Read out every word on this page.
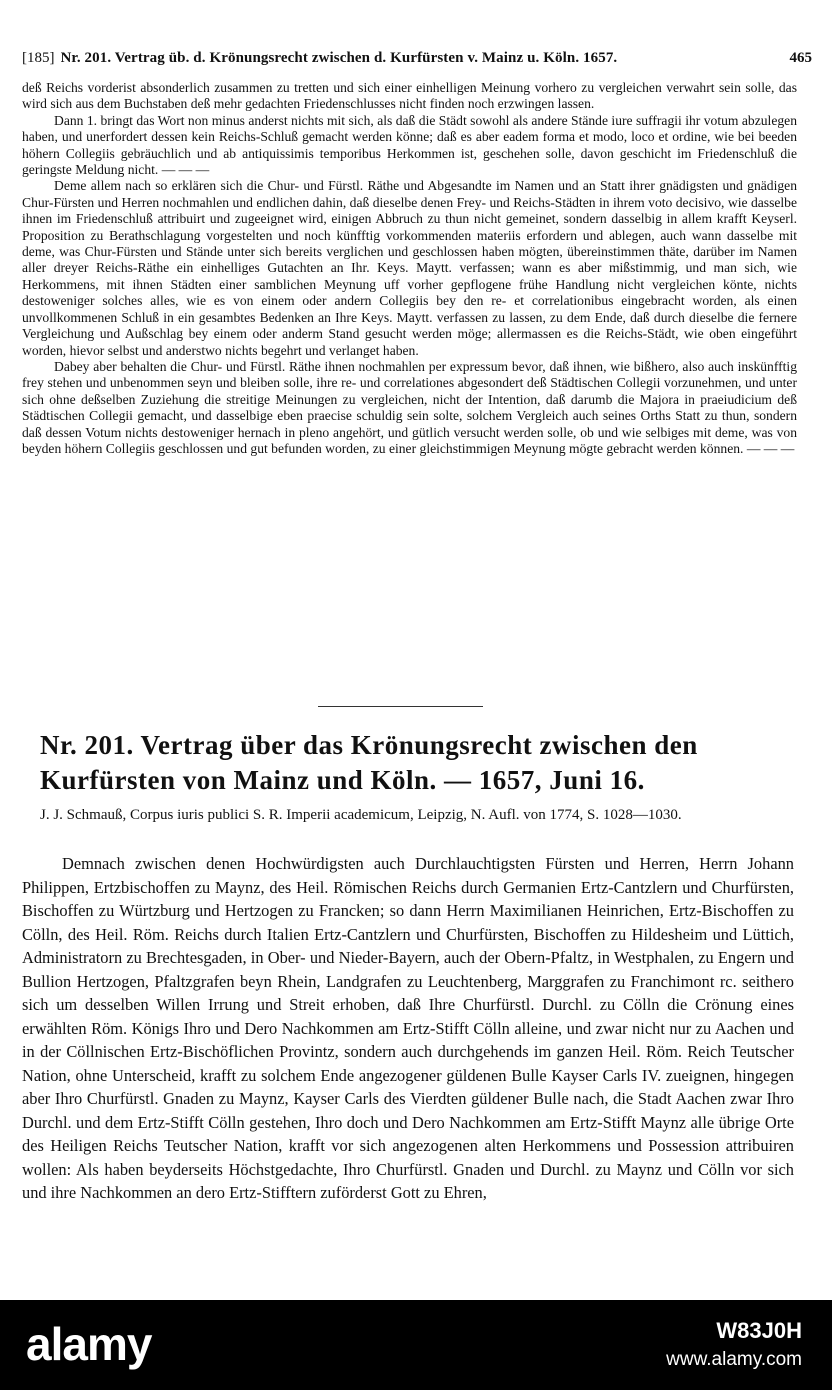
[185] Nr. 201. Vertrag üb. d. Krönungsrecht zwischen d. Kurfürsten v. Mainz u. Köln. 1657.	465

deß Reichs vorderist absonderlich zusammen zu tretten und sich einer einhelligen Meinung vorhero zu vergleichen verwahrt sein solle, das wird sich aus dem Buchstaben deß mehr gedachten Friedenschlusses nicht finden noch erzwingen lassen.

Dann 1. bringt das Wort non minus anderst nichts mit sich, als daß die Städt sowohl als andere Stände iure suffragii ihr votum abzulegen haben, und unerfordert dessen kein Reichs-Schluß gemacht werden könne; daß es aber eadem forma et modo, loco et ordine, wie bei beeden höhern Collegiis gebräuchlich und ab antiquissimis temporibus Herkommen ist, geschehen solle, davon geschicht im Friedenschluß die geringste Meldung nicht. — — —

Deme allem nach so erklären sich die Chur- und Fürstl. Räthe und Abgesandte im Namen und an Statt ihrer gnädigsten und gnädigen Chur-Fürsten und Herren nochmahlen und endlichen dahin, daß dieselbe denen Frey- und Reichs-Städten in ihrem voto decisivo, wie dasselbe ihnen im Friedenschluß attribuirt und zugeeignet wird, einigen Abbruch zu thun nicht gemeinet, sondern dasselbig in allem krafft Keyserl. Proposition zu Berathschlagung vorgestelten und noch künfftig vorkommenden materiis erfordern und ablegen, auch wann dasselbe mit deme, was Chur-Fürsten und Stände unter sich bereits verglichen und geschlossen haben mögten, übereinstimmen thäte, darüber im Namen aller dreyer Reichs-Räthe ein einhelliges Gutachten an Ihr. Keys. Maytt. verfassen; wann es aber mißstimmig, und man sich, wie Herkommens, mit ihnen Städten einer samblichen Meynung uff vorher gepflogene frühe Handlung nicht vergleichen könte, nichts destoweniger solches alles, wie es von einem oder andern Collegiis bey den re- et correlationibus eingebracht worden, als einen unvollkommenen Schluß in ein gesambtes Bedenken an Ihre Keys. Maytt. verfassen zu lassen, zu dem Ende, daß durch dieselbe die fernere Vergleichung und Außschlag bey einem oder anderm Stand gesucht werden möge; allermassen es die Reichs-Städt, wie oben eingeführt worden, hievor selbst und anderstwo nichts begehrt und verlanget haben.

Dabey aber behalten die Chur- und Fürstl. Räthe ihnen nochmahlen per expressum bevor, daß ihnen, wie bißhero, also auch inskünfftig frey stehen und unbenommen seyn und bleiben solle, ihre re- und correlationes abgesondert deß Städtischen Collegii vorzunehmen, und unter sich ohne deßselben Zuziehung die streitige Meinungen zu vergleichen, nicht der Intention, daß darumb die Majora in praeiudicium deß Städtischen Collegii gemacht, und dasselbige eben praecise schuldig sein solte, solchem Vergleich auch seines Orths Statt zu thun, sondern daß dessen Votum nichts destoweniger hernach in pleno angehört, und gütlich versucht werden solle, ob und wie selbiges mit deme, was von beyden höhern Collegiis geschlossen und gut befunden worden, zu einer gleichstimmigen Meynung mögte gebracht werden können. — — —

Nr. 201. Vertrag über das Krönungsrecht zwischen den Kurfürsten von Mainz und Köln. — 1657, Juni 16.
J. J. Schmauß, Corpus iuris publici S. R. Imperii academicum, Leipzig, N. Aufl. von 1774, S. 1028—1030.

Demnach zwischen denen Hochwürdigsten auch Durchlauchtigsten Fürsten und Herren, Herrn Johann Philippen, Ertzbischoffen zu Maynz, des Heil. Römischen Reichs durch Germanien Ertz-Cantzlern und Churfürsten, Bischoffen zu Würtzburg und Hertzogen zu Francken; so dann Herrn Maximilianen Heinrichen, Ertz-Bischoffen zu Cölln, des Heil. Röm. Reichs durch Italien Ertz-Cantzlern und Churfürsten, Bischoffen zu Hildesheim und Lüttich, Administratorn zu Brechtesgaden, in Ober- und Nieder-Bayern, auch der Obern-Pfaltz, in Westphalen, zu Engern und Bullion Hertzogen, Pfaltzgrafen beyn Rhein, Landgrafen zu Leuchtenberg, Marggrafen zu Franchimont rc. seithero sich um desselben Willen Irrung und Streit erhoben, daß Ihre Churfürstl. Durchl. zu Cölln die Crönung eines erwählten Röm. Königs Ihro und Dero Nachkommen am Ertz-Stifft Cölln alleine, und zwar nicht nur zu Aachen und in der Cöllnischen Ertz-Bischöflichen Provintz, sondern auch durchgehends im ganzen Heil. Röm. Reich Teutscher Nation, ohne Unterscheid, krafft zu solchem Ende angezogener güldenen Bulle Kayser Carls IV. zueignen, hingegen aber Ihro Churfürstl. Gnaden zu Maynz, Kayser Carls des Vierdten güldener Bulle nach, die Stadt Aachen zwar Ihro Durchl. und dem Ertz-Stifft Cölln gestehen, Ihro doch und Dero Nachkommen am Ertz-Stifft Maynz alle übrige Orte des Heiligen Reichs Teutscher Nation, krafft vor sich angezogenen alten Herkommens und Possession attribuiren wollen: Als haben beyderseits Höchstgedachte, Ihro Churfürstl. Gnaden und Durchl. zu Maynz und Cölln vor sich und ihre Nachkommen an dero Ertz-Stifftern zuförderst Gott zu Ehren,

alamy	W83J0H
www.alamy.com
